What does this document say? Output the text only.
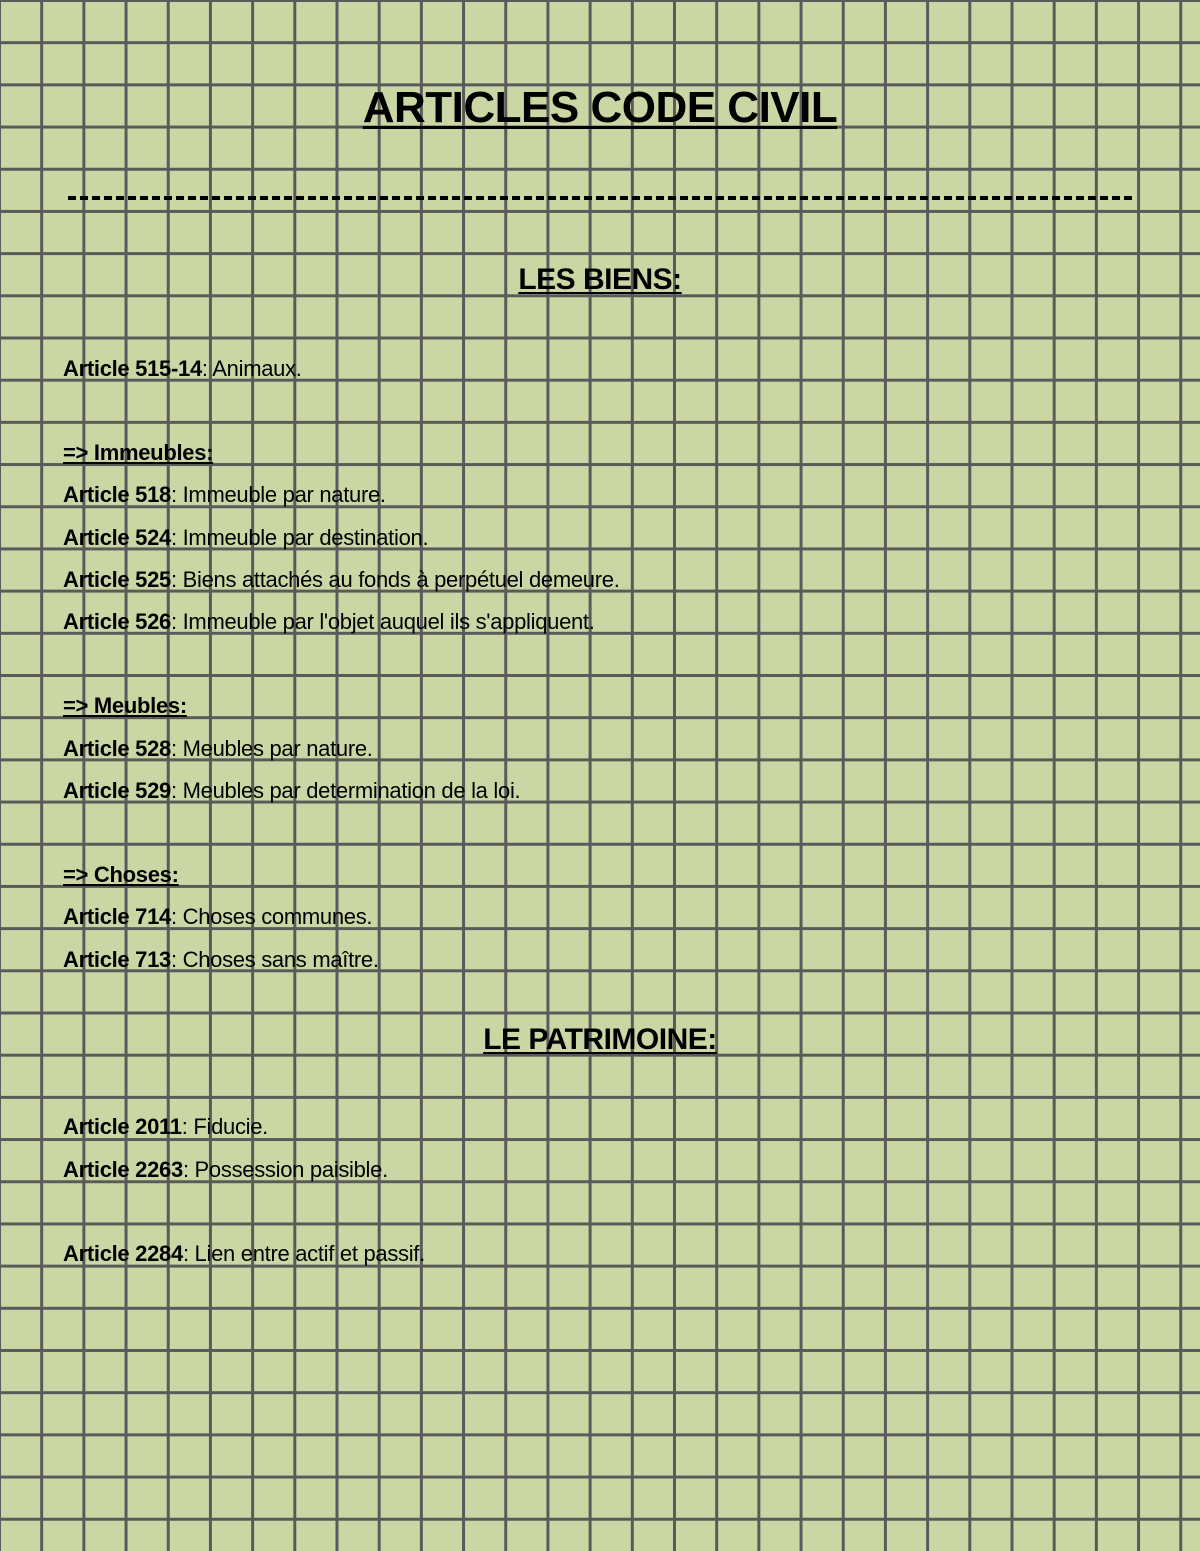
ARTICLES CODE CIVIL
LES BIENS:
Article 515-14: Animaux.
=> Immeubles:
Article 518: Immeuble par nature.
Article 524: Immeuble par destination.
Article 525: Biens attachés au fonds à perpétuel demeure.
Article 526: Immeuble par l'objet auquel ils s'appliquent.
=> Meubles:
Article 528: Meubles par nature.
Article 529: Meubles par determination de la loi.
=> Choses:
Article 714: Choses communes.
Article 713: Choses sans maître.
LE PATRIMOINE:
Article 2011: Fiducie.
Article 2263: Possession paisible.
Article 2284: Lien entre actif et passif.
